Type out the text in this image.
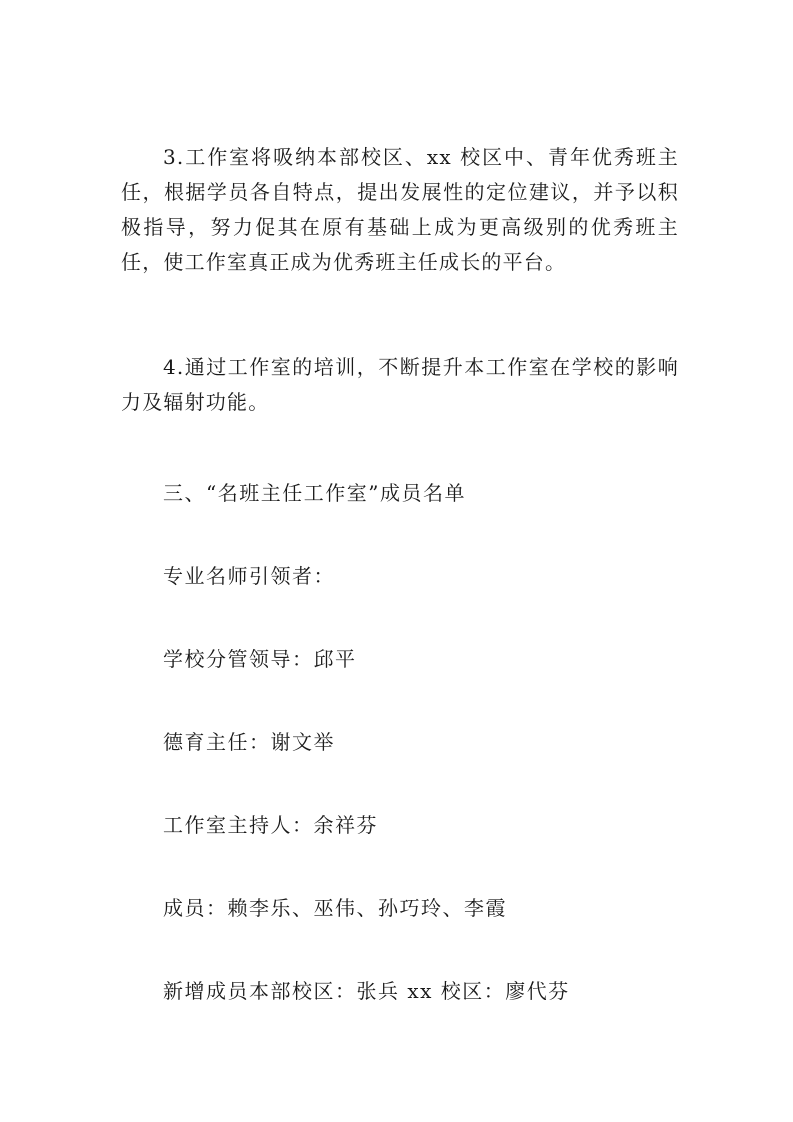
3.工作室将吸纳本部校区、xx 校区中、青年优秀班主任，根据学员各自特点，提出发展性的定位建议，并予以积极指导，努力促其在原有基础上成为更高级别的优秀班主任，使工作室真正成为优秀班主任成长的平台。

4.通过工作室的培训，不断提升本工作室在学校的影响力及辐射功能。

三、“名班主任工作室”成员名单

专业名师引领者：

学校分管领导：邱平

德育主任：谢文举

工作室主持人：余祥芬

成员：赖李乐、巫伟、孙巧玲、李霞

新增成员本部校区：张兵 xx 校区：廖代芬
